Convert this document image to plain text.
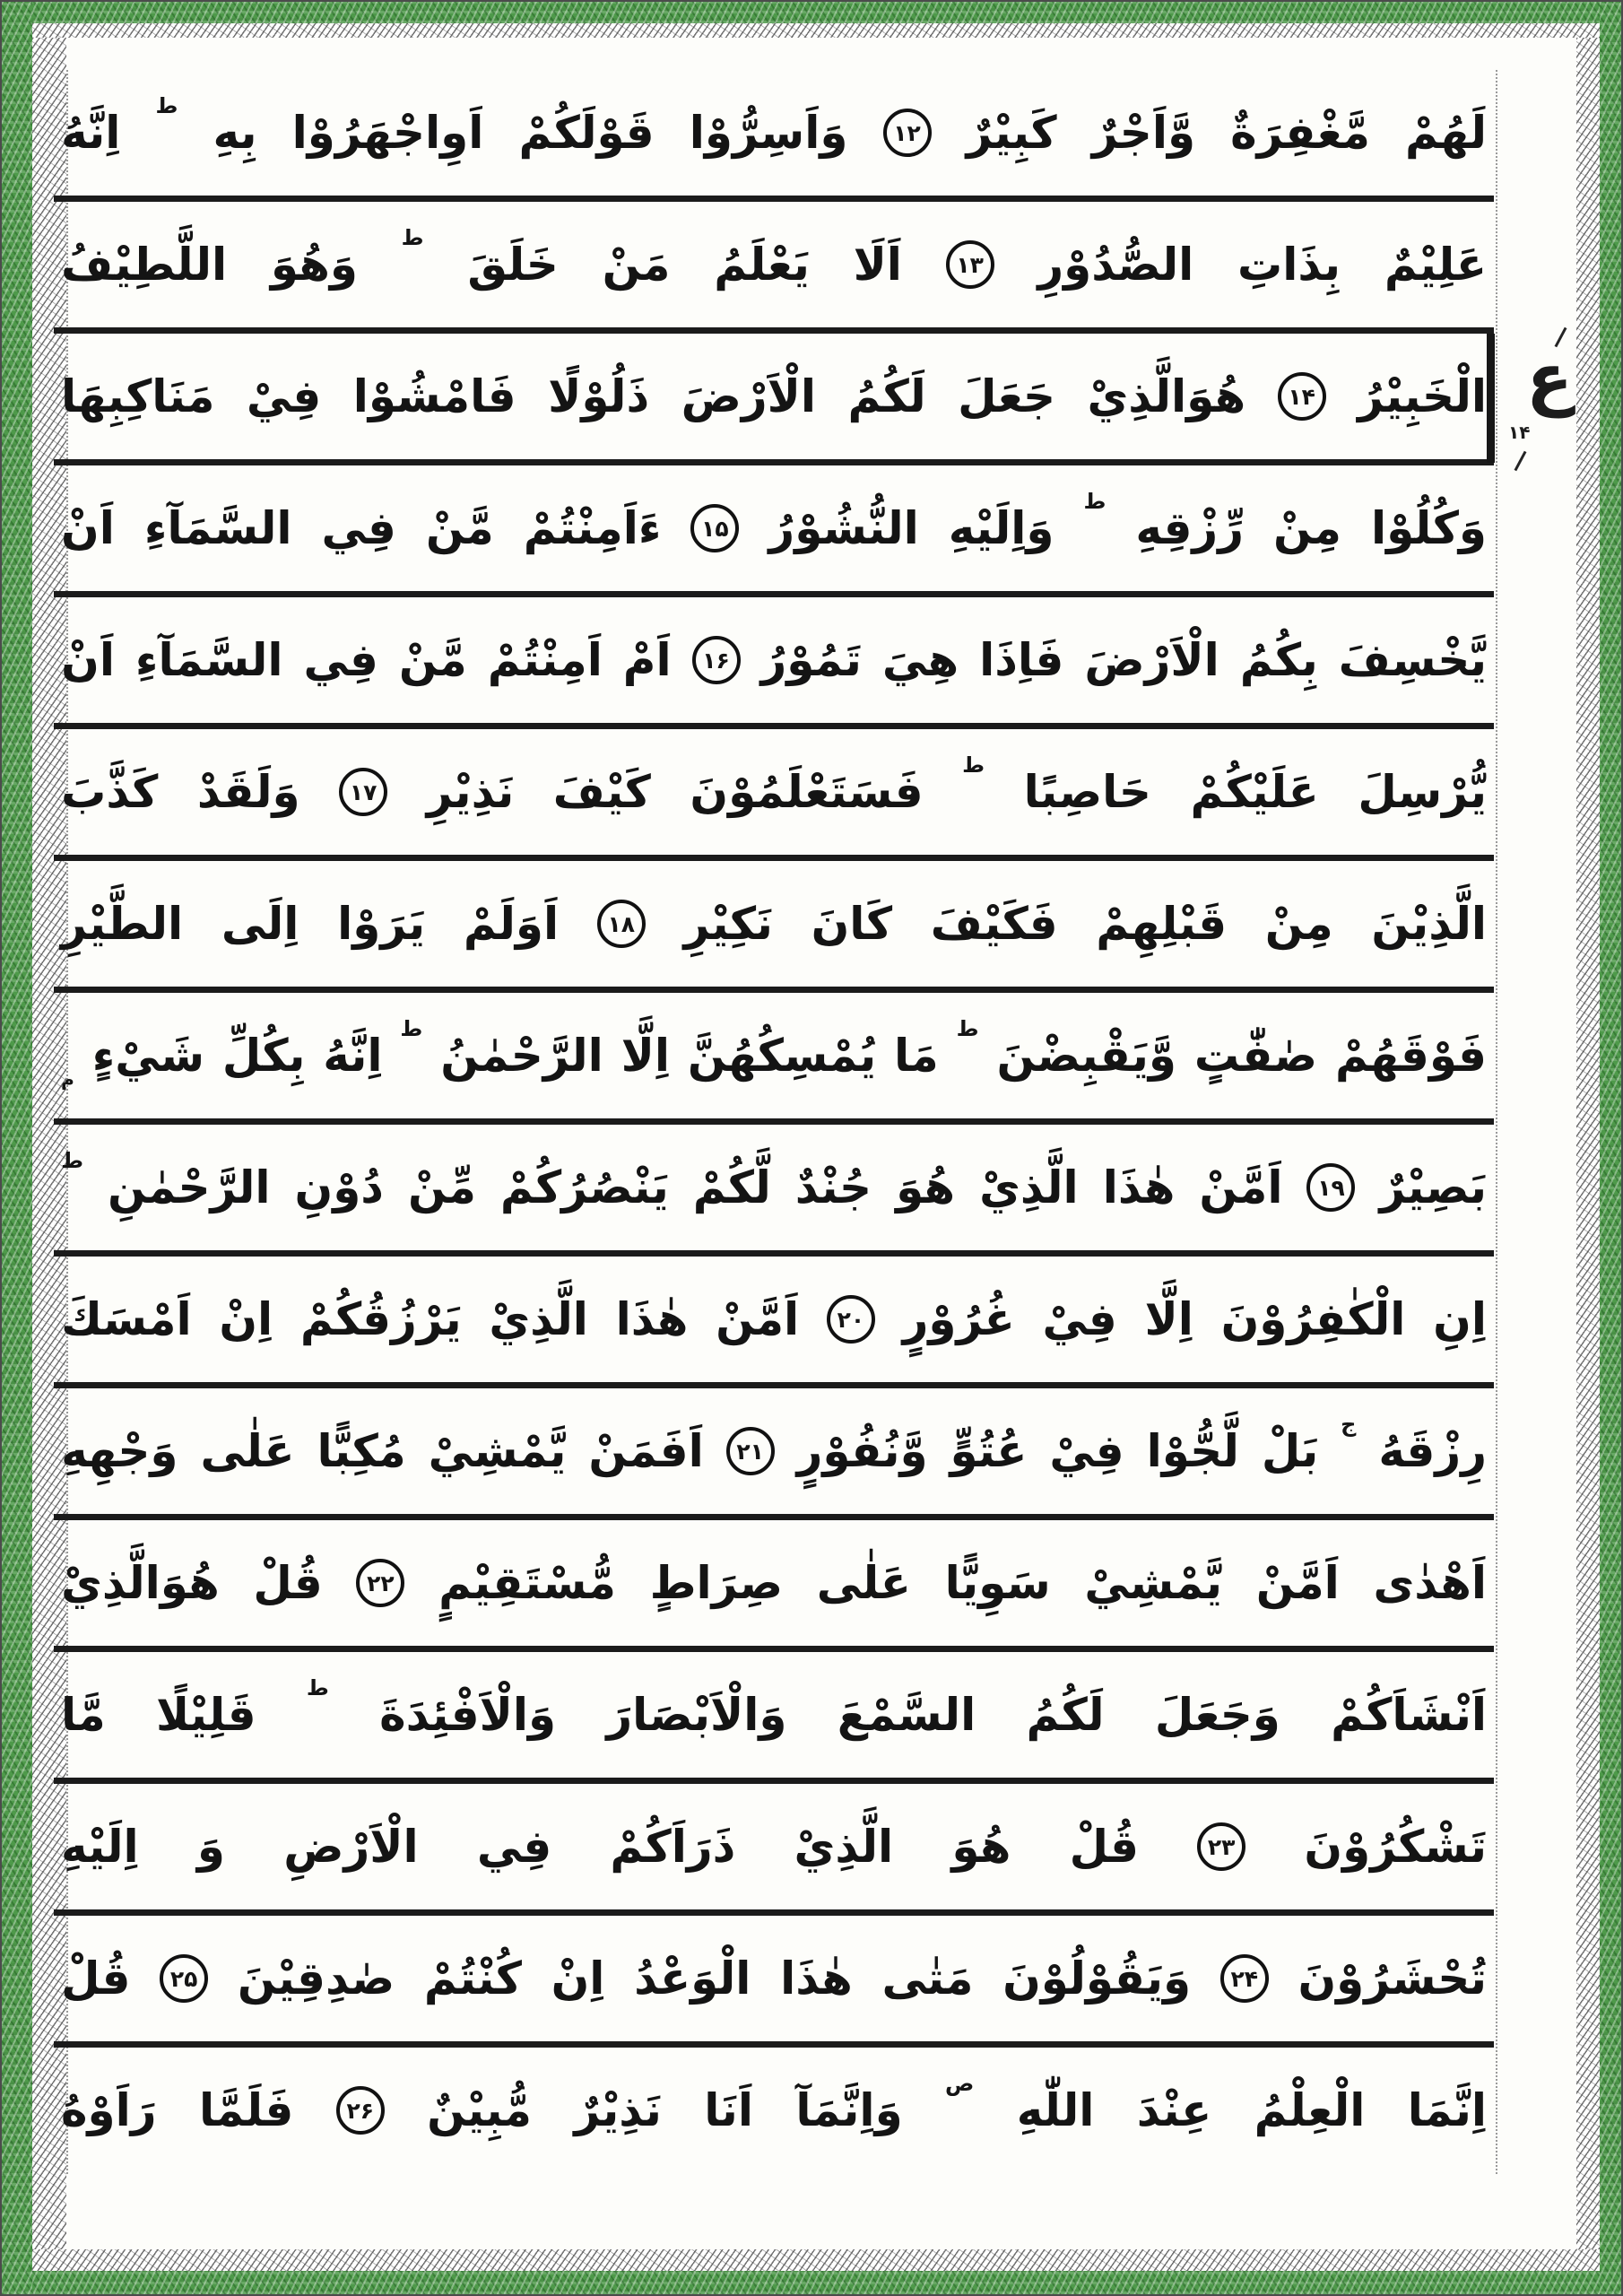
لَهُمْ
مَّغْفِرَةٌ
وَّاَجْرٌ
كَبِيْرٌ
۱۲
وَاَسِرُّوْا
قَوْلَكُمْ
اَوِاجْهَرُوْا
بِهِ
ط
اِنَّهُ
عَلِيْمٌ
بِذَاتِ
الصُّدُوْرِ
۱۳
اَلَا
يَعْلَمُ
مَنْ
خَلَقَ
ط
وَهُوَ
اللَّطِيْفُ
الْخَبِيْرُ
۱۴
هُوَالَّذِيْ
جَعَلَ
لَكُمُ
الْاَرْضَ
ذَلُوْلًا
فَامْشُوْا
فِيْ
مَنَاكِبِهَا
وَكُلُوْا
مِنْ
رِّزْقِهِ
ط
وَاِلَيْهِ
النُّشُوْرُ
۱۵
ءَاَمِنْتُمْ
مَّنْ
فِي
السَّمَآءِ
اَنْ
يَّخْسِفَ
بِكُمُ
الْاَرْضَ
فَاِذَا
هِيَ
تَمُوْرُ
۱۶
اَمْ
اَمِنْتُمْ
مَّنْ
فِي
السَّمَآءِ
اَنْ
يُّرْسِلَ
عَلَيْكُمْ
حَاصِبًا
ط
فَسَتَعْلَمُوْنَ
كَيْفَ
نَذِيْرِ
۱۷
وَلَقَدْ
كَذَّبَ
الَّذِيْنَ
مِنْ
قَبْلِهِمْ
فَكَيْفَ
كَانَ
نَكِيْرِ
۱۸
اَوَلَمْ
يَرَوْا
اِلَى
الطَّيْرِ
فَوْقَهُمْ
صٰفّٰتٍ
وَّيَقْبِضْنَ
ط
مَا
يُمْسِكُهُنَّ
اِلَّا
الرَّحْمٰنُ
ط
اِنَّهُ
بِكُلِّ
شَيْءٍ
م
بَصِيْرٌ
۱۹
اَمَّنْ
هٰذَا
الَّذِيْ
هُوَ
جُنْدٌ
لَّكُمْ
يَنْصُرُكُمْ
مِّنْ
دُوْنِ
الرَّحْمٰنِ
ط
اِنِ
الْكٰفِرُوْنَ
اِلَّا
فِيْ
غُرُوْرٍ
۲۰
اَمَّنْ
هٰذَا
الَّذِيْ
يَرْزُقُكُمْ
اِنْ
اَمْسَكَ
رِزْقَهُ
ج
بَلْ
لَّجُّوْا
فِيْ
عُتُوٍّ
وَّنُفُوْرٍ
۲۱
اَفَمَنْ
يَّمْشِيْ
مُكِبًّا
عَلٰى
وَجْهِهِ
اَهْدٰى
اَمَّنْ
يَّمْشِيْ
سَوِيًّا
عَلٰى
صِرَاطٍ
مُّسْتَقِيْمٍ
۲۲
قُلْ
هُوَالَّذِيْ
اَنْشَاَكُمْ
وَجَعَلَ
لَكُمُ
السَّمْعَ
وَالْاَبْصَارَ
وَالْاَفْئِدَةَ
ط
قَلِيْلًا
مَّا
تَشْكُرُوْنَ
۲۳
قُلْ
هُوَ
الَّذِيْ
ذَرَاَكُمْ
فِي
الْاَرْضِ
وَ
اِلَيْهِ
تُحْشَرُوْنَ
۲۴
وَيَقُوْلُوْنَ
مَتٰى
هٰذَا
الْوَعْدُ
اِنْ
كُنْتُمْ
صٰدِقِيْنَ
۲۵
قُلْ
اِنَّمَا
الْعِلْمُ
عِنْدَ
اللّٰهِ
ص
وَاِنَّمَآ
اَنَا
نَذِيْرٌ
مُّبِيْنٌ
۲۶
فَلَمَّا
رَاَوْهُ
ع
۱۴
